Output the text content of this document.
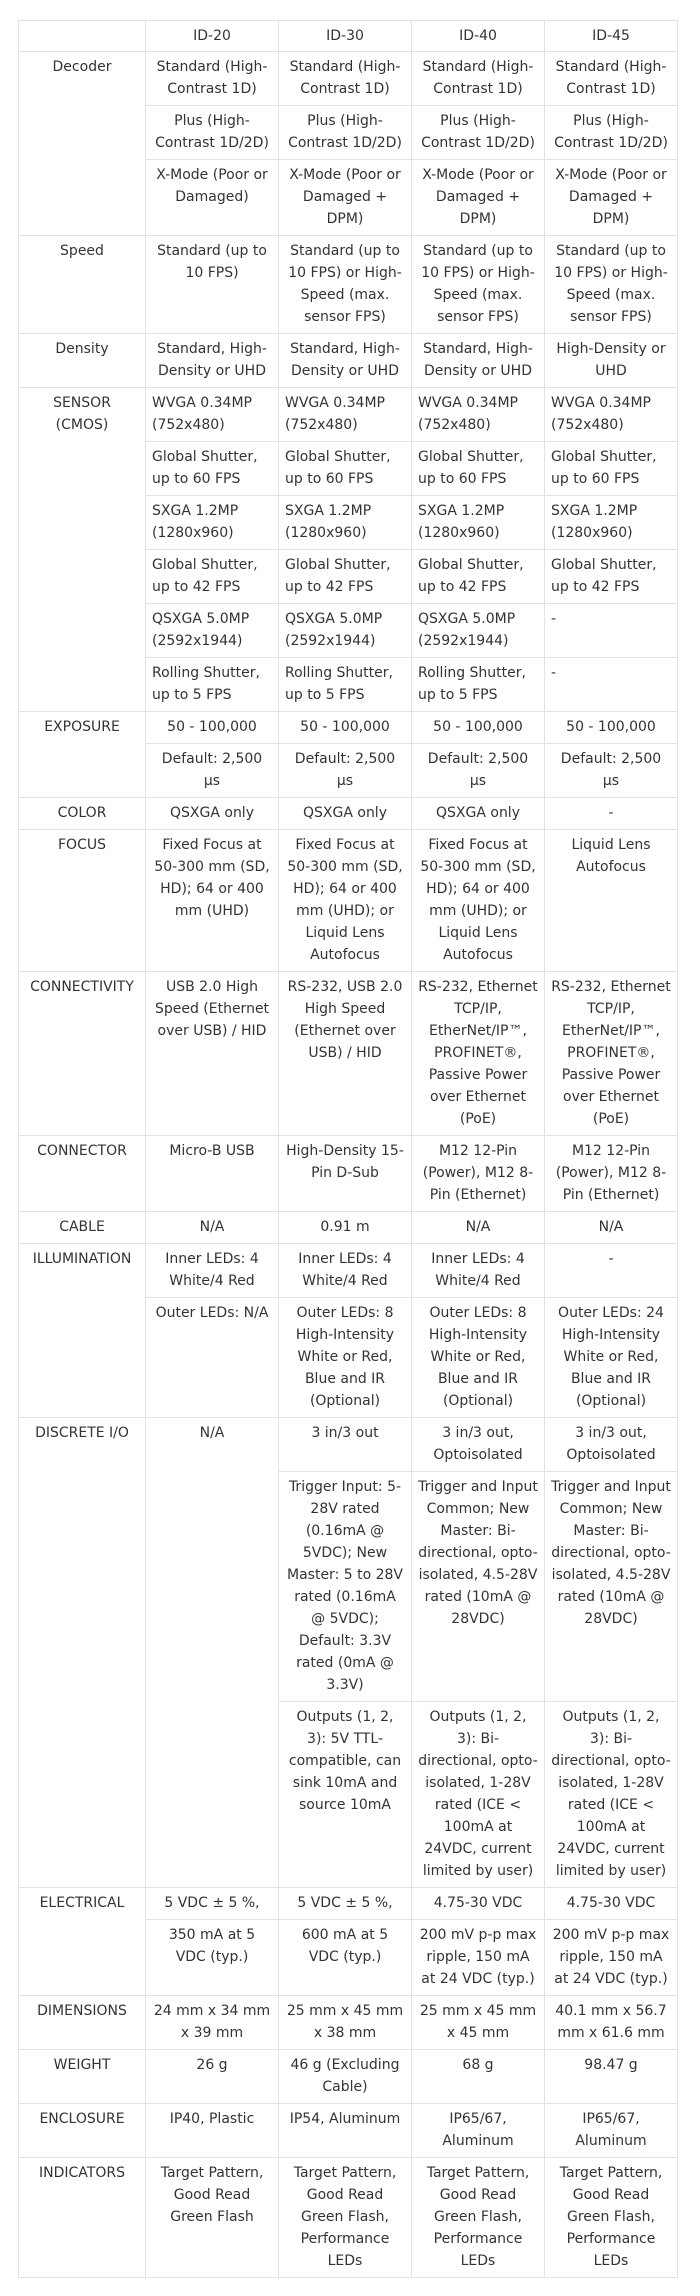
	ID-20	ID-30	ID-40	ID-45
Decoder	Standard (High-Contrast 1D)	Standard (High-Contrast 1D)	Standard (High-Contrast 1D)	Standard (High-Contrast 1D)
	Plus (High-Contrast 1D/2D)	Plus (High-Contrast 1D/2D)	Plus (High-Contrast 1D/2D)	Plus (High-Contrast 1D/2D)
	X-Mode (Poor or Damaged)	X-Mode (Poor or Damaged + DPM)	X-Mode (Poor or Damaged + DPM)	X-Mode (Poor or Damaged + DPM)
Speed	Standard (up to 10 FPS)	Standard (up to 10 FPS) or High-Speed (max. sensor FPS)	Standard (up to 10 FPS) or High-Speed (max. sensor FPS)	Standard (up to 10 FPS) or High-Speed (max. sensor FPS)
Density	Standard, High-Density or UHD	Standard, High-Density or UHD	Standard, High-Density or UHD	High-Density or UHD
SENSOR (CMOS)	WVGA 0.34MP (752x480)	WVGA 0.34MP (752x480)	WVGA 0.34MP (752x480)	WVGA 0.34MP (752x480)
	Global Shutter, up to 60 FPS	Global Shutter, up to 60 FPS	Global Shutter, up to 60 FPS	Global Shutter, up to 60 FPS
	SXGA 1.2MP (1280x960)	SXGA 1.2MP (1280x960)	SXGA 1.2MP (1280x960)	SXGA 1.2MP (1280x960)
	Global Shutter, up to 42 FPS	Global Shutter, up to 42 FPS	Global Shutter, up to 42 FPS	Global Shutter, up to 42 FPS
	QSXGA 5.0MP (2592x1944)	QSXGA 5.0MP (2592x1944)	QSXGA 5.0MP (2592x1944)	-
	Rolling Shutter, up to 5 FPS	Rolling Shutter, up to 5 FPS	Rolling Shutter, up to 5 FPS	-
EXPOSURE	50 - 100,000	50 - 100,000	50 - 100,000	50 - 100,000
	Default: 2,500 µs	Default: 2,500 µs	Default: 2,500 µs	Default: 2,500 µs
COLOR	QSXGA only	QSXGA only	QSXGA only	-
FOCUS	Fixed Focus at 50-300 mm (SD, HD); 64 or 400 mm (UHD)	Fixed Focus at 50-300 mm (SD, HD); 64 or 400 mm (UHD); or Liquid Lens Autofocus	Fixed Focus at 50-300 mm (SD, HD); 64 or 400 mm (UHD); or Liquid Lens Autofocus	Liquid Lens Autofocus
CONNECTIVITY	USB 2.0 High Speed (Ethernet over USB) / HID	RS-232, USB 2.0 High Speed (Ethernet over USB) / HID	RS-232, Ethernet TCP/IP, EtherNet/IP™, PROFINET®, Passive Power over Ethernet (PoE)	RS-232, Ethernet TCP/IP, EtherNet/IP™, PROFINET®, Passive Power over Ethernet (PoE)
CONNECTOR	Micro-B USB	High-Density 15-Pin D-Sub	M12 12-Pin (Power), M12 8-Pin (Ethernet)	M12 12-Pin (Power), M12 8-Pin (Ethernet)
CABLE	N/A	0.91 m	N/A	N/A
ILLUMINATION	Inner LEDs: 4 White/4 Red	Inner LEDs: 4 White/4 Red	Inner LEDs: 4 White/4 Red	-
	Outer LEDs: N/A	Outer LEDs: 8 High-Intensity White or Red, Blue and IR (Optional)	Outer LEDs: 8 High-Intensity White or Red, Blue and IR (Optional)	Outer LEDs: 24 High-Intensity White or Red, Blue and IR (Optional)
DISCRETE I/O	N/A	3 in/3 out	3 in/3 out, Optoisolated	3 in/3 out, Optoisolated
		Trigger Input: 5-28V rated (0.16mA @ 5VDC); New Master: 5 to 28V rated (0.16mA @ 5VDC); Default: 3.3V rated (0mA @ 3.3V)	Trigger and Input Common; New Master: Bi-directional, opto-isolated, 4.5-28V rated (10mA @ 28VDC)	Trigger and Input Common; New Master: Bi-directional, opto-isolated, 4.5-28V rated (10mA @ 28VDC)
		Outputs (1, 2, 3): 5V TTL-compatible, can sink 10mA and source 10mA	Outputs (1, 2, 3): Bi-directional, opto-isolated, 1-28V rated (ICE < 100mA at 24VDC, current limited by user)	Outputs (1, 2, 3): Bi-directional, opto-isolated, 1-28V rated (ICE < 100mA at 24VDC, current limited by user)
ELECTRICAL	5 VDC ± 5 %,	5 VDC ± 5 %,	4.75-30 VDC	4.75-30 VDC
	350 mA at 5 VDC (typ.)	600 mA at 5 VDC (typ.)	200 mV p-p max ripple, 150 mA at 24 VDC (typ.)	200 mV p-p max ripple, 150 mA at 24 VDC (typ.)
DIMENSIONS	24 mm x 34 mm x 39 mm	25 mm x 45 mm x 38 mm	25 mm x 45 mm x 45 mm	40.1 mm x 56.7 mm x 61.6 mm
WEIGHT	26 g	46 g (Excluding Cable)	68 g	98.47 g
ENCLOSURE	IP40, Plastic	IP54, Aluminum	IP65/67, Aluminum	IP65/67, Aluminum
INDICATORS	Target Pattern, Good Read Green Flash	Target Pattern, Good Read Green Flash, Performance LEDs	Target Pattern, Good Read Green Flash, Performance LEDs	Target Pattern, Good Read Green Flash, Performance LEDs
